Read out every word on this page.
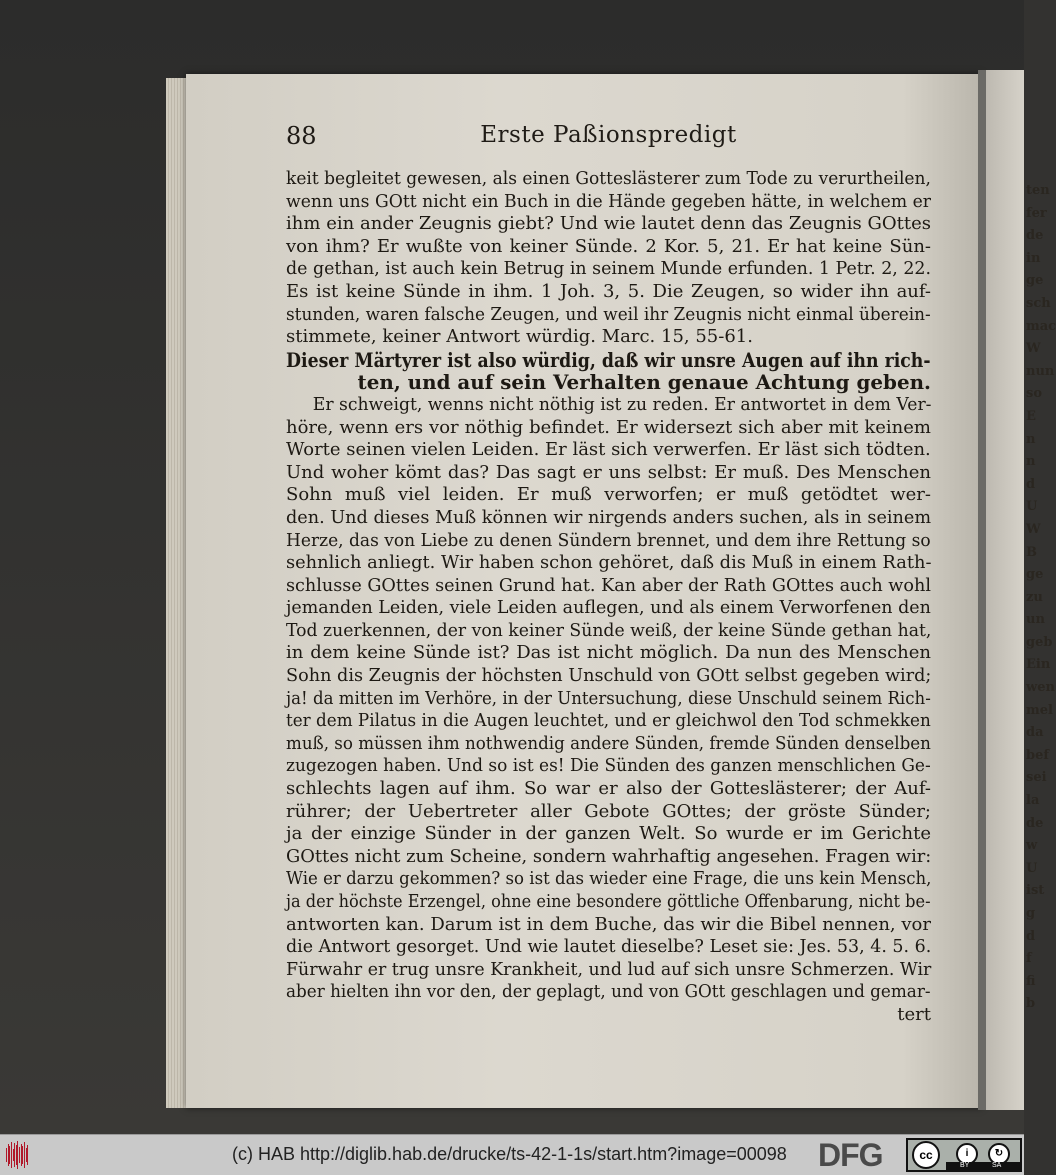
ten
fer
de
in
ge
sch
mac
W
nun
so
E
n
n
d
U
W
B
ge
zu
un
geb
Ein
wen
mel
da
bef
sei
la
de
w
U
ist
g
d
f
fi
b
88	Erste Paßionspredigt
keit begleitet gewesen, als einen Gotteslästerer zum Tode zu verurtheilen,
wenn uns GOtt nicht ein Buch in die Hände gegeben hätte, in welchem er
ihm ein ander Zeugnis giebt? Und wie lautet denn das Zeugnis GOttes
von ihm? Er wußte von keiner Sünde. 2 Kor. 5, 21. Er hat keine Sün-
de gethan, ist auch kein Betrug in seinem Munde erfunden. 1 Petr. 2, 22.
Es ist keine Sünde in ihm. 1 Joh. 3, 5. Die Zeugen, so wider ihn auf-
stunden, waren falsche Zeugen, und weil ihr Zeugnis nicht einmal überein-
stimmete, keiner Antwort würdig. Marc. 15, 55-61.
Dieser Märtyrer ist also würdig, daß wir unsre Augen auf ihn rich-
ten, und auf sein Verhalten genaue Achtung geben.
Er schweigt, wenns nicht nöthig ist zu reden. Er antwortet in dem Ver-
höre, wenn ers vor nöthig befindet. Er widersezt sich aber mit keinem
Worte seinen vielen Leiden. Er läst sich verwerfen. Er läst sich tödten.
Und woher kömt das? Das sagt er uns selbst: Er muß. Des Menschen
Sohn muß viel leiden. Er muß verworfen; er muß getödtet wer-
den. Und dieses Muß können wir nirgends anders suchen, als in seinem
Herze, das von Liebe zu denen Sündern brennet, und dem ihre Rettung so
sehnlich anliegt. Wir haben schon gehöret, daß dis Muß in einem Rath-
schlusse GOttes seinen Grund hat. Kan aber der Rath GOttes auch wohl
jemanden Leiden, viele Leiden auflegen, und als einem Verworfenen den
Tod zuerkennen, der von keiner Sünde weiß, der keine Sünde gethan hat,
in dem keine Sünde ist? Das ist nicht möglich. Da nun des Menschen
Sohn dis Zeugnis der höchsten Unschuld von GOtt selbst gegeben wird;
ja! da mitten im Verhöre, in der Untersuchung, diese Unschuld seinem Rich-
ter dem Pilatus in die Augen leuchtet, und er gleichwol den Tod schmekken
muß, so müssen ihm nothwendig andere Sünden, fremde Sünden denselben
zugezogen haben. Und so ist es! Die Sünden des ganzen menschlichen Ge-
schlechts lagen auf ihm. So war er also der Gotteslästerer; der Auf-
rührer; der Uebertreter aller Gebote GOttes; der gröste Sünder;
ja der einzige Sünder in der ganzen Welt. So wurde er im Gerichte
GOttes nicht zum Scheine, sondern wahrhaftig angesehen. Fragen wir:
Wie er darzu gekommen? so ist das wieder eine Frage, die uns kein Mensch,
ja der höchste Erzengel, ohne eine besondere göttliche Offenbarung, nicht be-
antworten kan. Darum ist in dem Buche, das wir die Bibel nennen, vor
die Antwort gesorget. Und wie lautet dieselbe? Leset sie: Jes. 53, 4. 5. 6.
Fürwahr er trug unsre Krankheit, und lud auf sich unsre Schmerzen. Wir
aber hielten ihn vor den, der geplagt, und von GOtt geschlagen und gemar-
tert
(c) HAB http://diglib.hab.de/drucke/ts-42-1-1s/start.htm?image=00098 DFG	cc	i	↻
BY	SA
